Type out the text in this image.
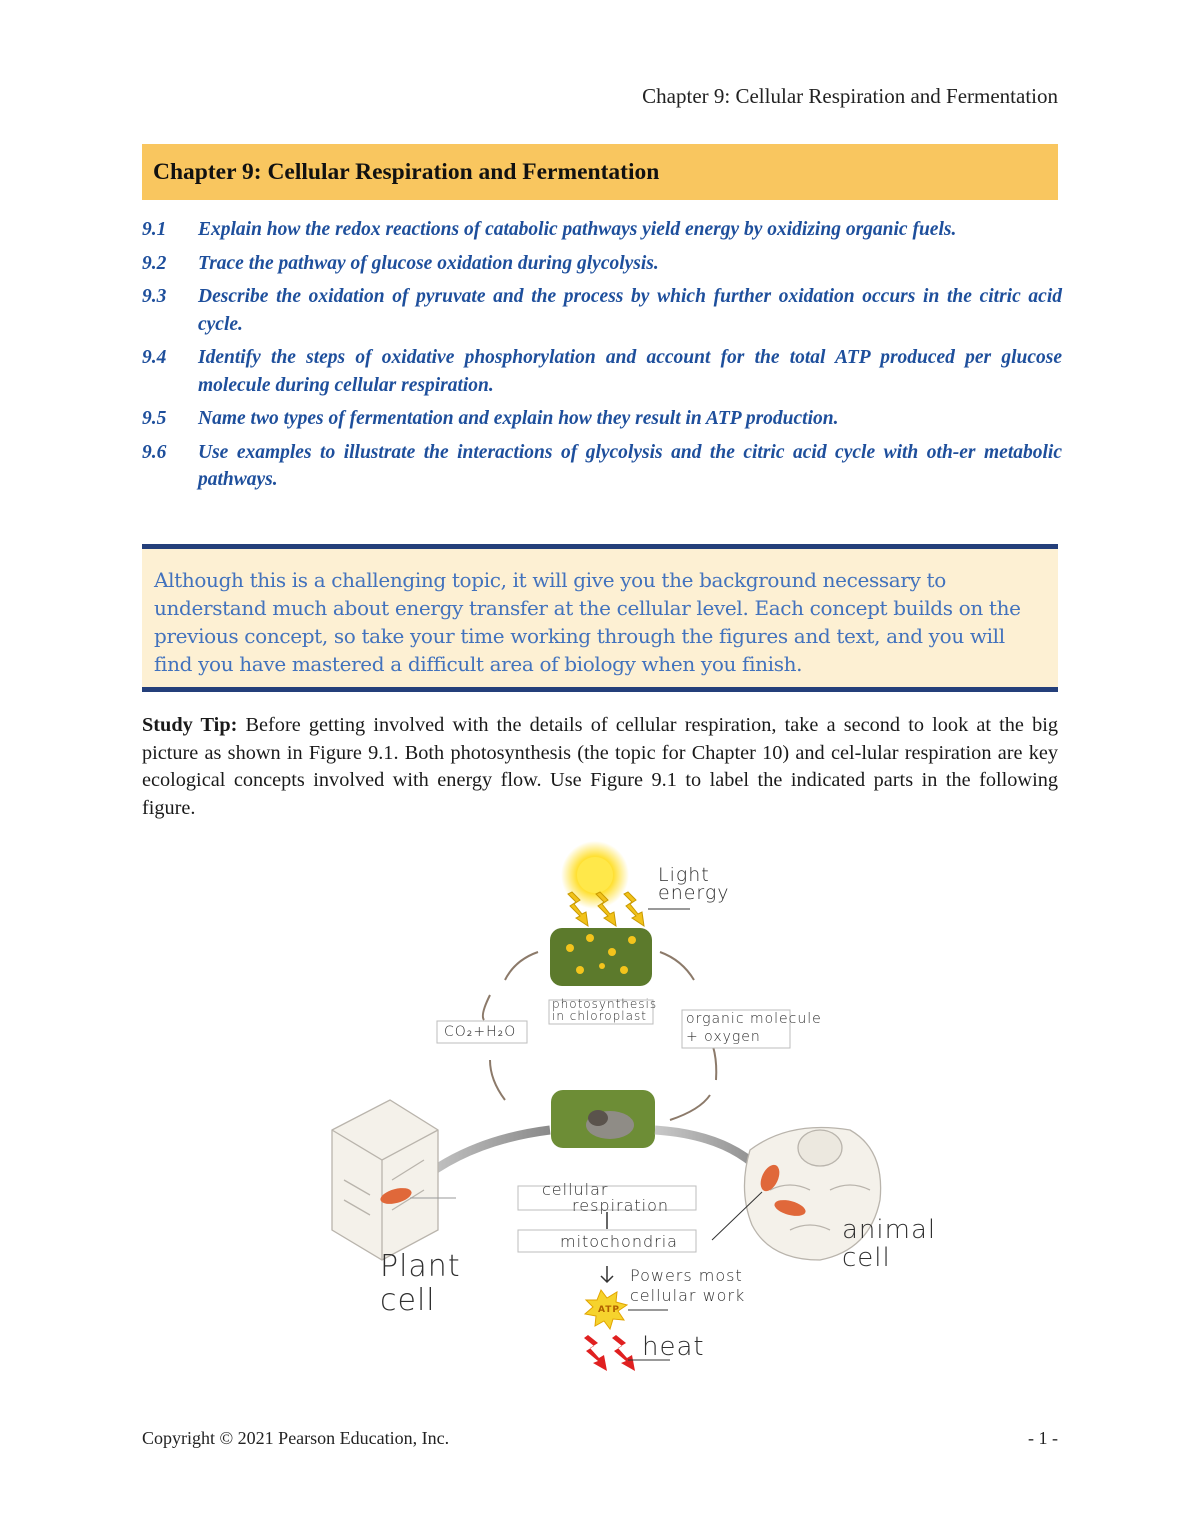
Chapter 9: Cellular Respiration and Fermentation
Chapter 9: Cellular Respiration and Fermentation
9.1	Explain how the redox reactions of catabolic pathways yield energy by oxidizing organic fuels.
9.2	Trace the pathway of glucose oxidation during glycolysis.
9.3	Describe the oxidation of pyruvate and the process by which further oxidation occurs in the citric acid cycle.
9.4	Identify the steps of oxidative phosphorylation and account for the total ATP produced per glucose molecule during cellular respiration.
9.5	Name two types of fermentation and explain how they result in ATP production.
9.6	Use examples to illustrate the interactions of glycolysis and the citric acid cycle with oth-er metabolic pathways.

Although this is a challenging topic, it will give you the background necessary to understand much about energy transfer at the cellular level. Each concept builds on the previous concept, so take your time working through the figures and text, and you will find you have mastered a difficult area of biology when you finish.

Study Tip: Before getting involved with the details of cellular respiration, take a second to look at the big picture as shown in Figure 9.1. Both photosynthesis (the topic for Chapter 10) and cel-lular respiration are key ecological concepts involved with energy flow. Use Figure 9.1 to label the indicated parts in the following figure.

Light
energy
photosynthesis
in chloroplast	organic molecule
+ oxygen
CO₂+H₂O
cellular
respiration
mitochondria
Powers most
cellular work
ATP
heat
Plant
cell
animal
cell
Copyright © 2021 Pearson Education, Inc.	- 1 -
